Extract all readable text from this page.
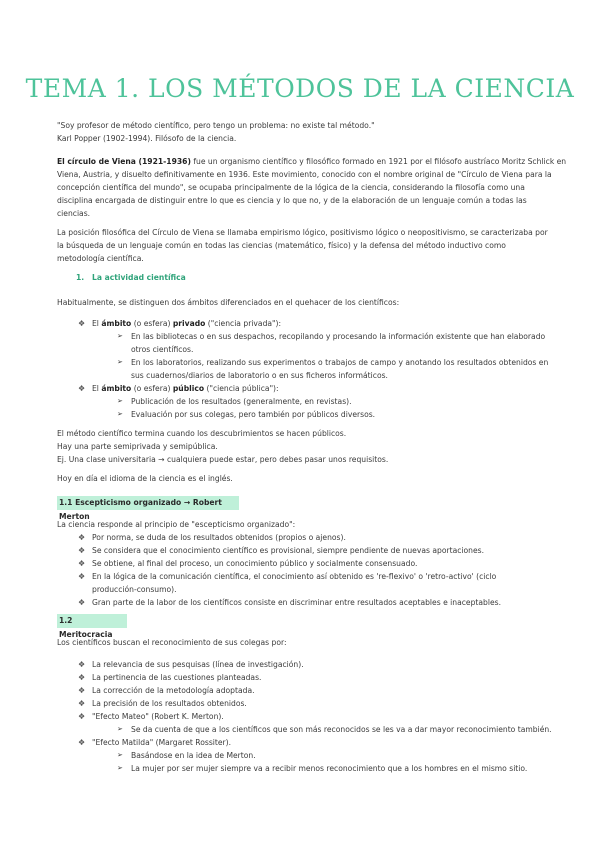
TEMA 1. LOS MÉTODOS DE LA CIENCIA
"Soy profesor de método científico, pero tengo un problema: no existe tal método."
Karl Popper (1902-1994). Filósofo de la ciencia.
El círculo de Viena (1921-1936) fue un organismo científico y filosófico formado en 1921 por el filósofo austríaco Moritz Schlick en
Viena, Austria, y disuelto definitivamente en 1936. Este movimiento, conocido con el nombre original de "Círculo de Viena para la
concepción científica del mundo", se ocupaba principalmente de la lógica de la ciencia, considerando la filosofía como una
disciplina encargada de distinguir entre lo que es ciencia y lo que no, y de la elaboración de un lenguaje común a todas las
ciencias.
La posición filosófica del Círculo de Viena se llamaba empirismo lógico, positivismo lógico o neopositivismo, se caracterizaba por
la búsqueda de un lenguaje común en todas las ciencias (matemático, físico) y la defensa del método inductivo como
metodología científica.
1. La actividad científica
Habitualmente, se distinguen dos ámbitos diferenciados en el quehacer de los científicos:
❖ El ámbito (o esfera) privado ("ciencia privada"):
➢ En las bibliotecas o en sus despachos, recopilando y procesando la información existente que han elaborado
otros científicos.
➢ En los laboratorios, realizando sus experimentos o trabajos de campo y anotando los resultados obtenidos en
sus cuadernos/diarios de laboratorio o en sus ficheros informáticos.
❖ El ámbito (o esfera) público ("ciencia pública"):
➢ Publicación de los resultados (generalmente, en revistas).
➢ Evaluación por sus colegas, pero también por públicos diversos.
El método científico termina cuando los descubrimientos se hacen públicos.
Hay una parte semiprivada y semipública.
Ej. Una clase universitaria → cualquiera puede estar, pero debes pasar unos requisitos.
Hoy en día el idioma de la ciencia es el inglés.
1.1 Escepticismo organizado → Robert Merton
La ciencia responde al principio de "escepticismo organizado":
❖ Por norma, se duda de los resultados obtenidos (propios o ajenos).
❖ Se considera que el conocimiento científico es provisional, siempre pendiente de nuevas aportaciones.
❖ Se obtiene, al final del proceso, un conocimiento público y socialmente consensuado.
❖ En la lógica de la comunicación científica, el conocimiento así obtenido es 're-flexivo' o 'retro-activo' (ciclo
producción-consumo).
❖ Gran parte de la labor de los científicos consiste en discriminar entre resultados aceptables e inaceptables.
1.2 Meritocracia
Los científicos buscan el reconocimiento de sus colegas por:
❖ La relevancia de sus pesquisas (línea de investigación).
❖ La pertinencia de las cuestiones planteadas.
❖ La corrección de la metodología adoptada.
❖ La precisión de los resultados obtenidos.
❖ "Efecto Mateo" (Robert K. Merton).
➢ Se da cuenta de que a los científicos que son más reconocidos se les va a dar mayor reconocimiento también.
❖ "Efecto Matilda" (Margaret Rossiter).
➢ Basándose en la idea de Merton.
➢ La mujer por ser mujer siempre va a recibir menos reconocimiento que a los hombres en el mismo sitio.
